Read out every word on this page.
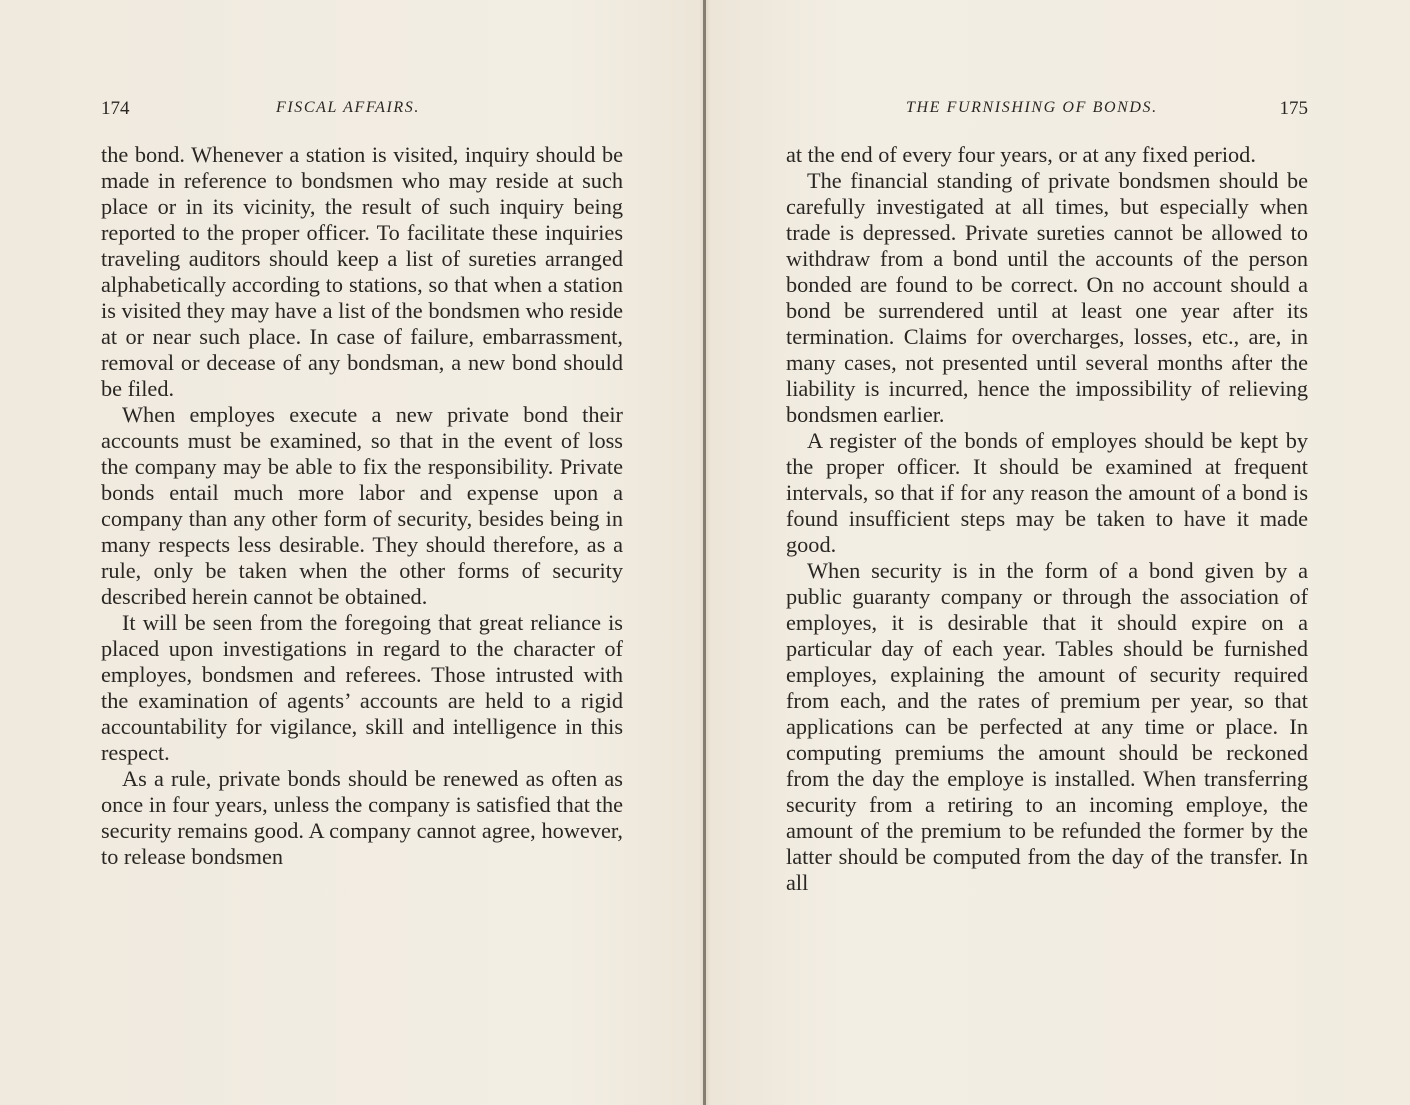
174	FISCAL AFFAIRS.

the bond. Whenever a station is visited, inquiry should be made in reference to bondsmen who may reside at such place or in its vicinity, the result of such inquiry being reported to the proper officer. To facilitate these inquiries traveling auditors should keep a list of sureties arranged alphabetically according to stations, so that when a station is visited they may have a list of the bondsmen who reside at or near such place. In case of failure, embarrassment, removal or decease of any bondsman, a new bond should be filed.

When employes execute a new private bond their accounts must be examined, so that in the event of loss the company may be able to fix the responsibility. Private bonds entail much more labor and expense upon a company than any other form of security, besides being in many respects less desirable. They should therefore, as a rule, only be taken when the other forms of security described herein cannot be obtained.

It will be seen from the foregoing that great reliance is placed upon investigations in regard to the character of employes, bondsmen and referees. Those intrusted with the examination of agents’ accounts are held to a rigid accountability for vigilance, skill and intelligence in this respect.

As a rule, private bonds should be renewed as often as once in four years, unless the company is satisfied that the security remains good. A company cannot agree, however, to release bondsmen

THE FURNISHING OF BONDS.	175

at the end of every four years, or at any fixed period.

The financial standing of private bondsmen should be carefully investigated at all times, but especially when trade is depressed. Private sureties cannot be allowed to withdraw from a bond until the accounts of the person bonded are found to be correct. On no account should a bond be surrendered until at least one year after its termination. Claims for overcharges, losses, etc., are, in many cases, not presented until several months after the liability is incurred, hence the impossibility of relieving bondsmen earlier.

A register of the bonds of employes should be kept by the proper officer. It should be examined at frequent intervals, so that if for any reason the amount of a bond is found insufficient steps may be taken to have it made good.

When security is in the form of a bond given by a public guaranty company or through the association of employes, it is desirable that it should expire on a particular day of each year. Tables should be furnished employes, explaining the amount of security required from each, and the rates of premium per year, so that applications can be perfected at any time or place. In computing premiums the amount should be reckoned from the day the employe is installed. When transferring security from a retiring to an incoming employe, the amount of the premium to be refunded the former by the latter should be computed from the day of the transfer. In all
